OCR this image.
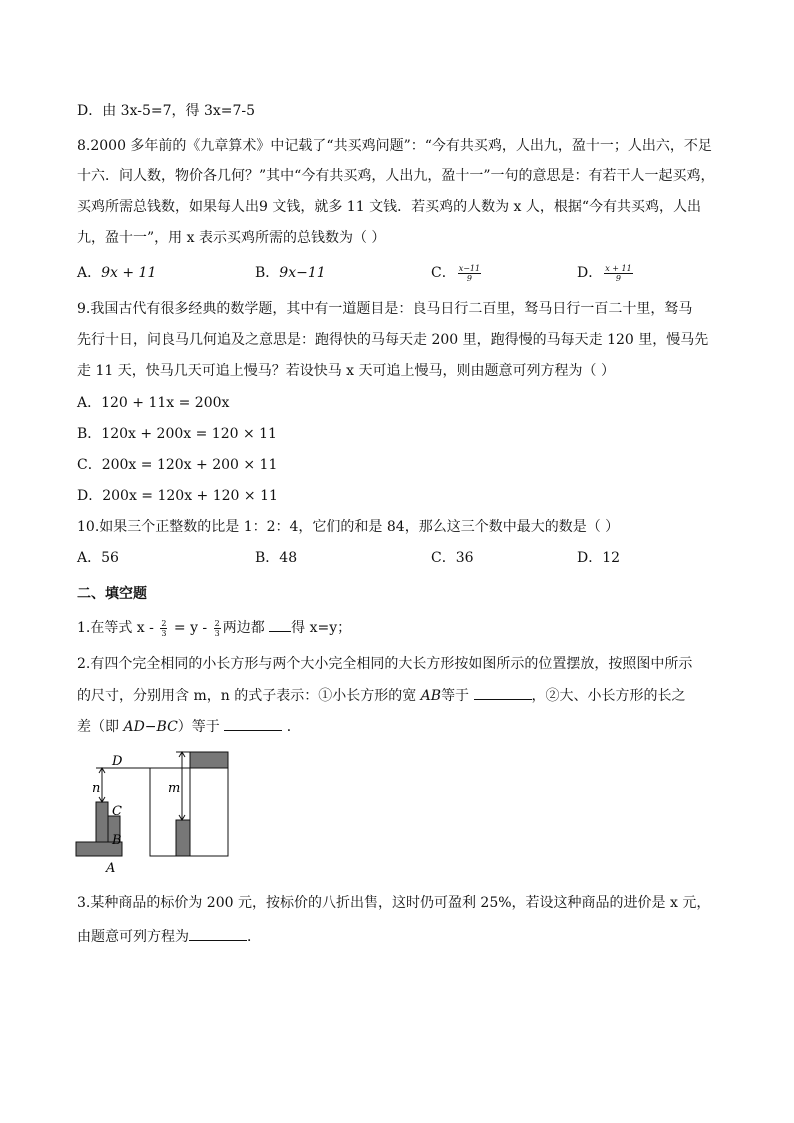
D．由 3x-5=7，得 3x=7-5
8.2000 多年前的《九章算术》中记载了“共买鸡问题”：“今有共买鸡，人出九，盈十一；人出六，不足
十六．问人数，物价各几何？”其中“今有共买鸡，人出九，盈十一”一句的意思是：有若干人一起买鸡，
买鸡所需总钱数，如果每人出9 文钱，就多 11 文钱．若买鸡的人数为 x 人，根据“今有共买鸡，人出
九，盈十一”，用 x 表示买鸡所需的总钱数为（ ）
A．9x + 11	B．9x−11	C． $\frac{x-11}{9}$	D． $\frac{x + 11}{9}$
9.我国古代有很多经典的数学题，其中有一道题目是：良马日行二百里，驽马日行一百二十里，驽马
先行十日，问良马几何追及之意思是：跑得快的马每天走 200 里，跑得慢的马每天走 120 里，慢马先
走 11 天，快马几天可追上慢马？若设快马 x 天可追上慢马，则由题意可列方程为（ ）
A．120 + 11x = 200x
B．120x + 200x = 120 × 11
C．200x = 120x + 200 × 11
D．200x = 120x + 120 × 11
10.如果三个正整数的比是 1：2：4，它们的和是 84，那么这三个数中最大的数是（ ）
A．56	B．48	C．36	D．12
二、填空题
1.在等式 $x - \frac{2}{3} = y - \frac{2}{3}$ 两边都 得 x=y；
2.有四个完全相同的小长方形与两个大小完全相同的大长方形按如图所示的位置摆放，按照图中所示
的尺寸，分别用含 m，n 的式子表示：①小长方形的宽 AB等于	，②大、小长方形的长之
差（即 AD−BC）等于	．
D
n
C
B
A
m
3.某种商品的标价为 200 元，按标价的八折出售，这时仍可盈利 25%，若设这种商品的进价是 x 元，
由题意可列方程为	．
